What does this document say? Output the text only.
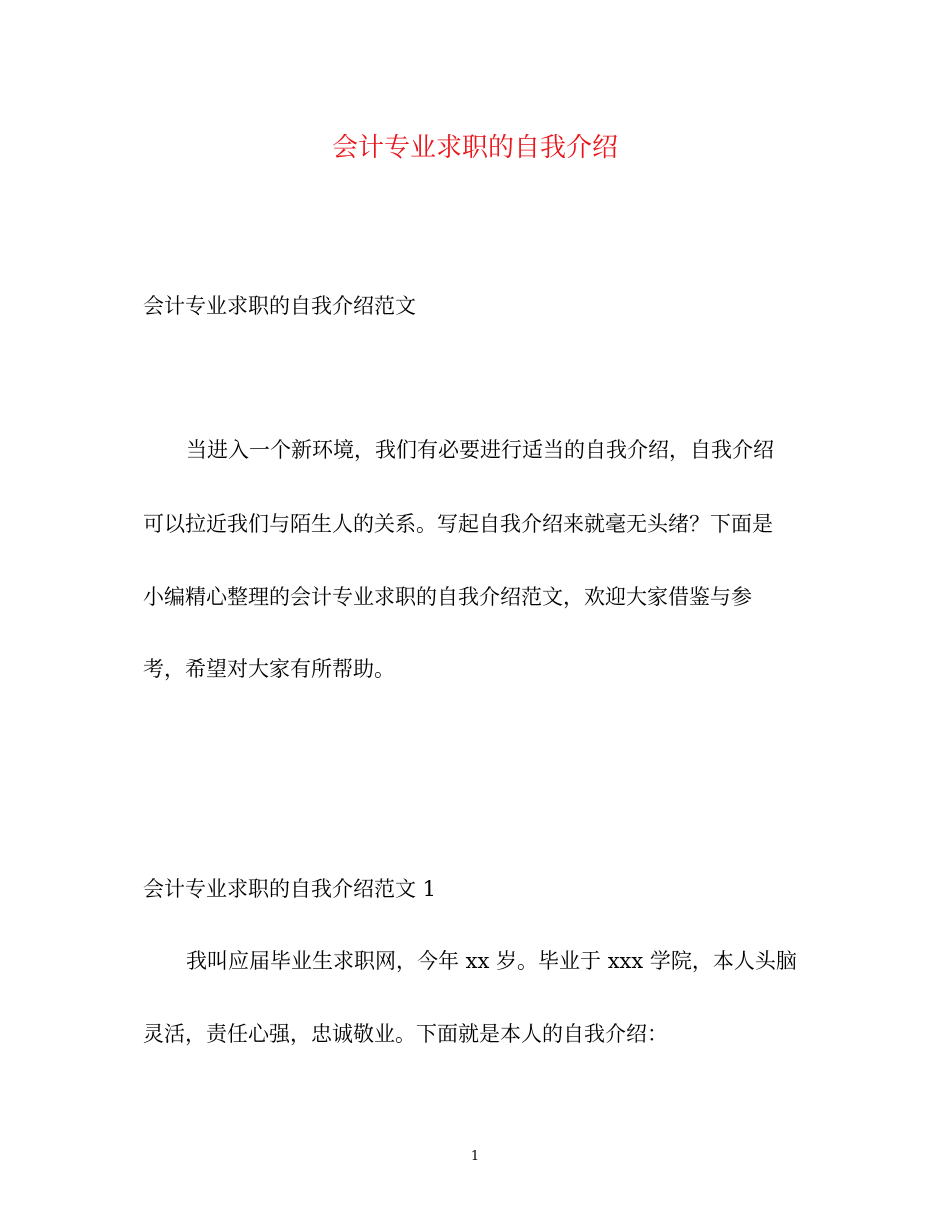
会计专业求职的自我介绍
会计专业求职的自我介绍范文
当进入一个新环境，我们有必要进行适当的自我介绍，自我介绍
可以拉近我们与陌生人的关系。写起自我介绍来就毫无头绪？下面是
小编精心整理的会计专业求职的自我介绍范文，欢迎大家借鉴与参
考，希望对大家有所帮助。
会计专业求职的自我介绍范文 1
我叫应届毕业生求职网，今年 xx 岁。毕业于 xxx 学院，本人头脑
灵活，责任心强，忠诚敬业。下面就是本人的自我介绍：
1
